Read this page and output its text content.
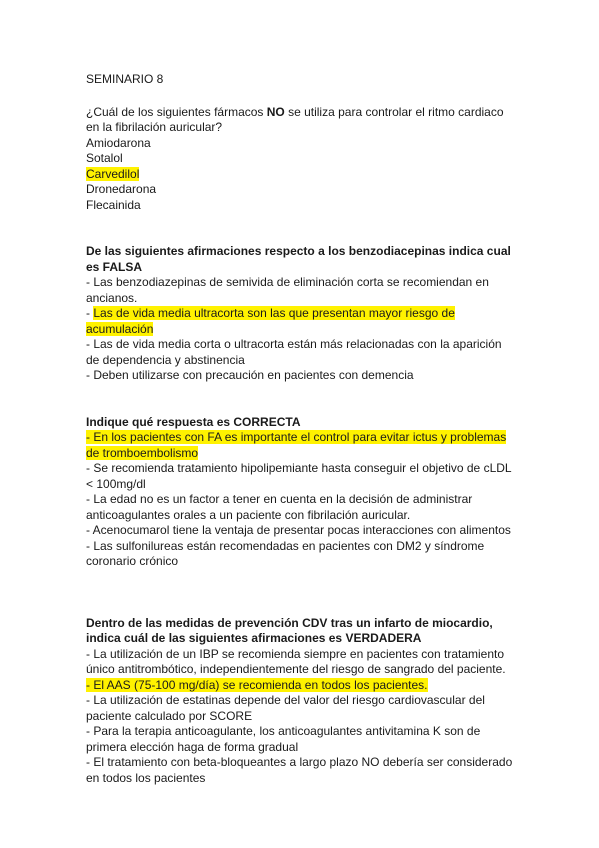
SEMINARIO 8
¿Cuál de los siguientes fármacos NO se utiliza para controlar el ritmo cardiaco en la fibrilación auricular?
Amiodarona
Sotalol
Carvedilol
Dronedarona
Flecainida
De las siguientes afirmaciones respecto a los benzodiacepinas indica cual es FALSA
- Las benzodiazepinas de semivida de eliminación corta se recomiendan en ancianos.
- Las de vida media ultracorta son las que presentan mayor riesgo de acumulación
- Las de vida media corta o ultracorta están más relacionadas con la aparición de dependencia y abstinencia
- Deben utilizarse con precaución en pacientes con demencia
Indique qué respuesta es CORRECTA
- En los pacientes con FA es importante el control para evitar ictus y problemas de tromboembolismo
- Se recomienda tratamiento hipolipemiante hasta conseguir el objetivo de cLDL < 100mg/dl
- La edad no es un factor a tener en cuenta en la decisión de administrar anticoagulantes orales a un paciente con fibrilación auricular.
- Acenocumarol tiene la ventaja de presentar pocas interacciones con alimentos
- Las sulfonilureas están recomendadas en pacientes con DM2 y síndrome coronario crónico
Dentro de las medidas de prevención CDV tras un infarto de miocardio, indica cuál de las siguientes afirmaciones es VERDADERA
- La utilización de un IBP se recomienda siempre en pacientes con tratamiento único antitrombótico, independientemente del riesgo de sangrado del paciente.
- El AAS (75-100 mg/día) se recomienda en todos los pacientes.
- La utilización de estatinas depende del valor del riesgo cardiovascular del paciente calculado por SCORE
- Para la terapia anticoagulante, los anticoagulantes antivitamina K son de primera elección haga de forma gradual
- El tratamiento con beta-bloqueantes a largo plazo NO debería ser considerado en todos los pacientes
